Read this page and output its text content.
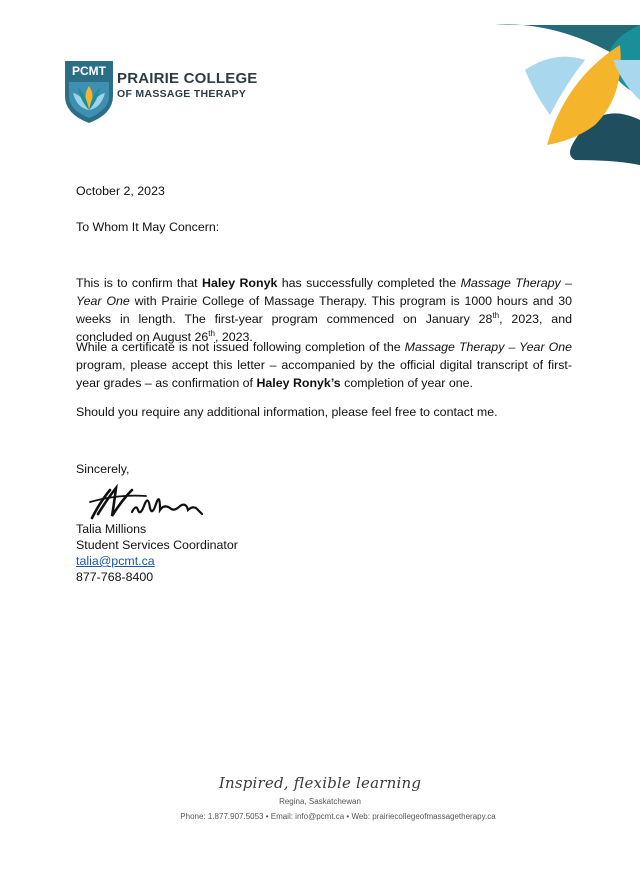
PCMT PRAIRIE COLLEGE
OF MASSAGE THERAPY
October 2, 2023
To Whom It May Concern:
This is to confirm that Haley Ronyk has successfully completed the Massage Therapy – Year One with Prairie College of Massage Therapy. This program is 1000 hours and 30 weeks in length. The first-year program commenced on January 28th, 2023, and concluded on August 26th, 2023.
While a certificate is not issued following completion of the Massage Therapy – Year One program, please accept this letter – accompanied by the official digital transcript of first-year grades – as confirmation of Haley Ronyk’s completion of year one.
Should you require any additional information, please feel free to contact me.
Sincerely,
Talia Millions
Student Services Coordinator
talia@pcmt.ca
877-768-8400
Inspired, flexible learning
Regina, Saskatchewan
Phone: 1.877.907.5053 • Email: info@pcmt.ca • Web: prairiecollegeofmassagetherapy.ca
